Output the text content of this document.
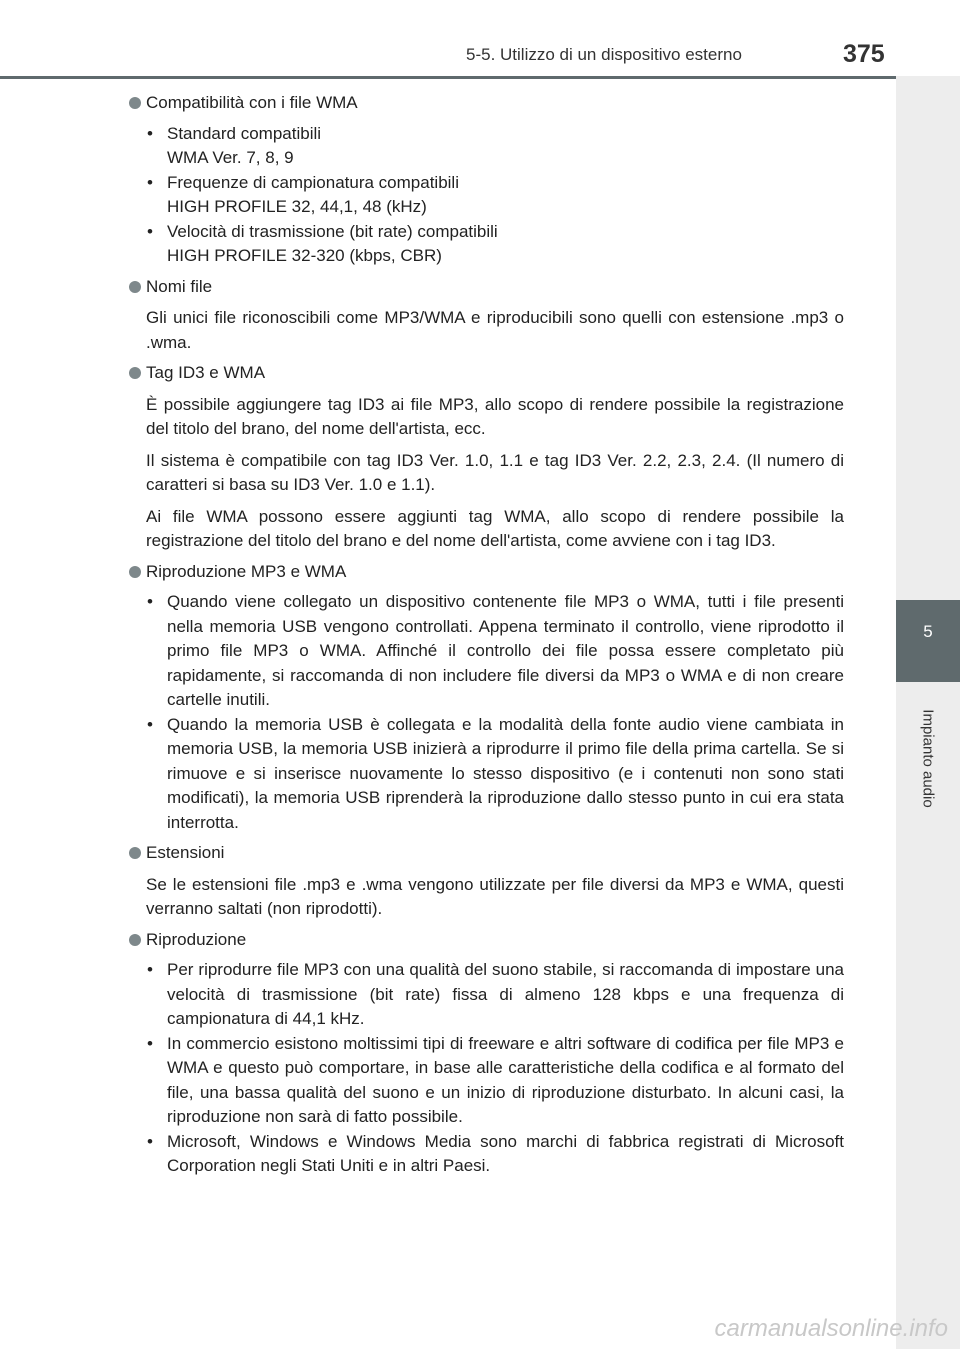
5-5. Utilizzo di un dispositivo esterno	375
5
Impianto audio
Compatibilità con i file WMA
• Standard compatibili
WMA Ver. 7, 8, 9
• Frequenze di campionatura compatibili
HIGH PROFILE 32, 44,1, 48 (kHz)
• Velocità di trasmissione (bit rate) compatibili
HIGH PROFILE 32-320 (kbps, CBR)
Nomi file

Gli unici file riconoscibili come MP3/WMA e riproducibili sono quelli con estensione .mp3 o .wma.

Tag ID3 e WMA

È possibile aggiungere tag ID3 ai file MP3, allo scopo di rendere possibile la registrazione del titolo del brano, del nome dell'artista, ecc.

Il sistema è compatibile con tag ID3 Ver. 1.0, 1.1 e tag ID3 Ver. 2.2, 2.3, 2.4. (Il numero di caratteri si basa su ID3 Ver. 1.0 e 1.1).

Ai file WMA possono essere aggiunti tag WMA, allo scopo di rendere possibile la registrazione del titolo del brano e del nome dell'artista, come avviene con i tag ID3.

Riproduzione MP3 e WMA
• Quando viene collegato un dispositivo contenente file MP3 o WMA, tutti i file presenti nella memoria USB vengono controllati. Appena terminato il controllo, viene riprodotto il primo file MP3 o WMA. Affinché il controllo dei file possa essere completato più rapidamente, si raccomanda di non includere file diversi da MP3 o WMA e di non creare cartelle inutili.
• Quando la memoria USB è collegata e la modalità della fonte audio viene cambiata in memoria USB, la memoria USB inizierà a riprodurre il primo file della prima cartella. Se si rimuove e si inserisce nuovamente lo stesso dispositivo (e i contenuti non sono stati modificati), la memoria USB riprenderà la riproduzione dallo stesso punto in cui era stata interrotta.
Estensioni

Se le estensioni file .mp3 e .wma vengono utilizzate per file diversi da MP3 e WMA, questi verranno saltati (non riprodotti).

Riproduzione
• Per riprodurre file MP3 con una qualità del suono stabile, si raccomanda di impostare una velocità di trasmissione (bit rate) fissa di almeno 128 kbps e una frequenza di campionatura di 44,1 kHz.
• In commercio esistono moltissimi tipi di freeware e altri software di codifica per file MP3 e WMA e questo può comportare, in base alle caratteristiche della codifica e al formato del file, una bassa qualità del suono e un inizio di riproduzione disturbato. In alcuni casi, la riproduzione non sarà di fatto possibile.
• Microsoft, Windows e Windows Media sono marchi di fabbrica registrati di Microsoft Corporation negli Stati Uniti e in altri Paesi.
carmanualsonline.info
